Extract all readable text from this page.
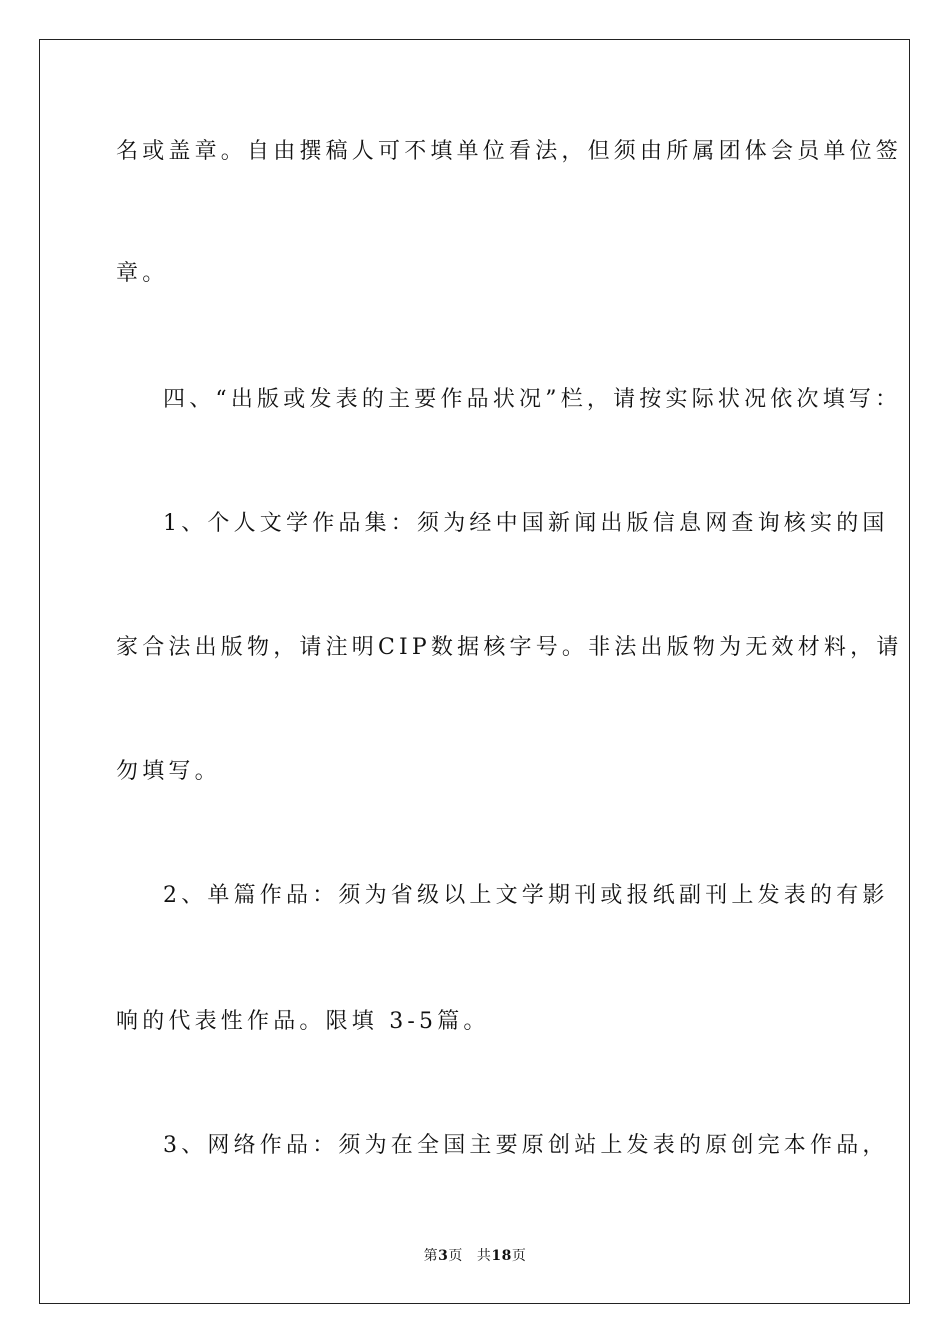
名或盖章。自由撰稿人可不填单位看法，但须由所属团体会员单位签
章。
四、“出版或发表的主要作品状况”栏，请按实际状况依次填写：
1、个人文学作品集：须为经中国新闻出版信息网查询核实的国
家合法出版物，请注明CIP数据核字号。非法出版物为无效材料，请
勿填写。
2、单篇作品：须为省级以上文学期刊或报纸副刊上发表的有影
响的代表性作品。限填 3-5篇。
3、网络作品：须为在全国主要原创站上发表的原创完本作品，
第3页 共18页
